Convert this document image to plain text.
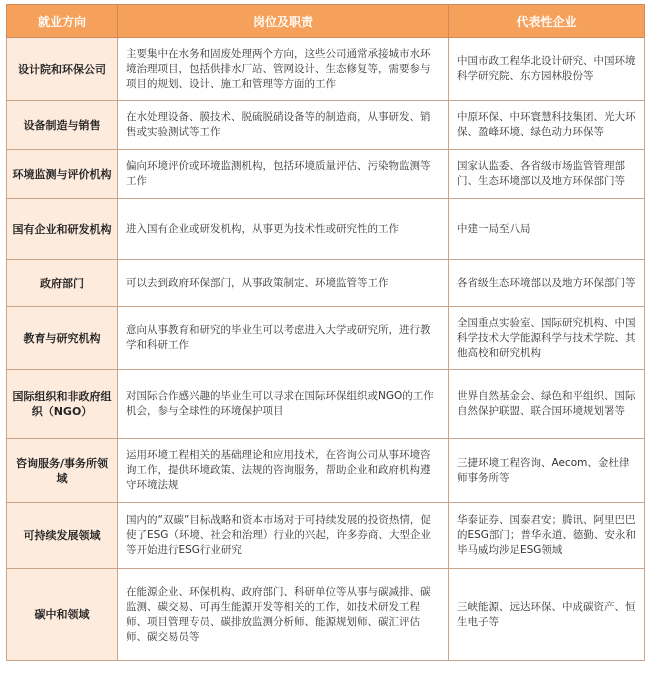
就业方向	岗位及职责	代表性企业
设计院和环保公司	主要集中在水务和固废处理两个方向，这些公司通常承接城市水环境治理项目，包括供排水厂站、管网设计、生态修复等，需要参与项目的规划、设计、施工和管理等方面的工作	中国市政工程华北设计研究、中国环境科学研究院、东方园林股份等
设备制造与销售	在水处理设备、膜技术、脱硫脱硝设备等的制造商，从事研发、销售或实验测试等工作	中原环保、中环寰慧科技集团、光大环保、盈峰环境、绿色动力环保等
环境监测与评价机构	偏向环境评价或环境监测机构，包括环境质量评估、污染物监测等工作	国家认监委、各省级市场监管管理部门、生态环境部以及地方环保部门等
国有企业和研发机构	进入国有企业或研发机构，从事更为技术性或研究性的工作	中建一局至八局
政府部门	可以去到政府环保部门，从事政策制定、环境监管等工作	各省级生态环境部以及地方环保部门等
教育与研究机构	意向从事教育和研究的毕业生可以考虑进入大学或研究所，进行教学和科研工作	全国重点实验室、国际研究机构、中国科学技术大学能源科学与技术学院、其他高校和研究机构
国际组织和非政府组织（NGO）	对国际合作感兴趣的毕业生可以寻求在国际环保组织或NGO的工作机会，参与全球性的环境保护项目	世界自然基金会、绿色和平组织、国际自然保护联盟、联合国环境规划署等
咨询服务/事务所领域	运用环境工程相关的基础理论和应用技术，在咨询公司从事环境咨询工作，提供环境政策、法规的咨询服务，帮助企业和政府机构遵守环境法规	三捷环境工程咨询、Aecom、金杜律师事务所等
可持续发展领域	国内的“双碳”目标战略和资本市场对于可持续发展的投资热情，促使了ESG（环境、社会和治理）行业的兴起，许多券商、大型企业等开始进行ESG行业研究	华泰证券、国泰君安；腾讯、阿里巴巴的ESG部门；普华永道、德勤、安永和毕马威均涉足ESG领域
碳中和领域	在能源企业、环保机构、政府部门、科研单位等从事与碳减排、碳监测、碳交易、可再生能源开发等相关的工作，如技术研发工程师、项目管理专员、碳排放监测分析师、能源规划师、碳汇评估师、碳交易员等	三峡能源、远达环保、中成碳资产、恒生电子等
